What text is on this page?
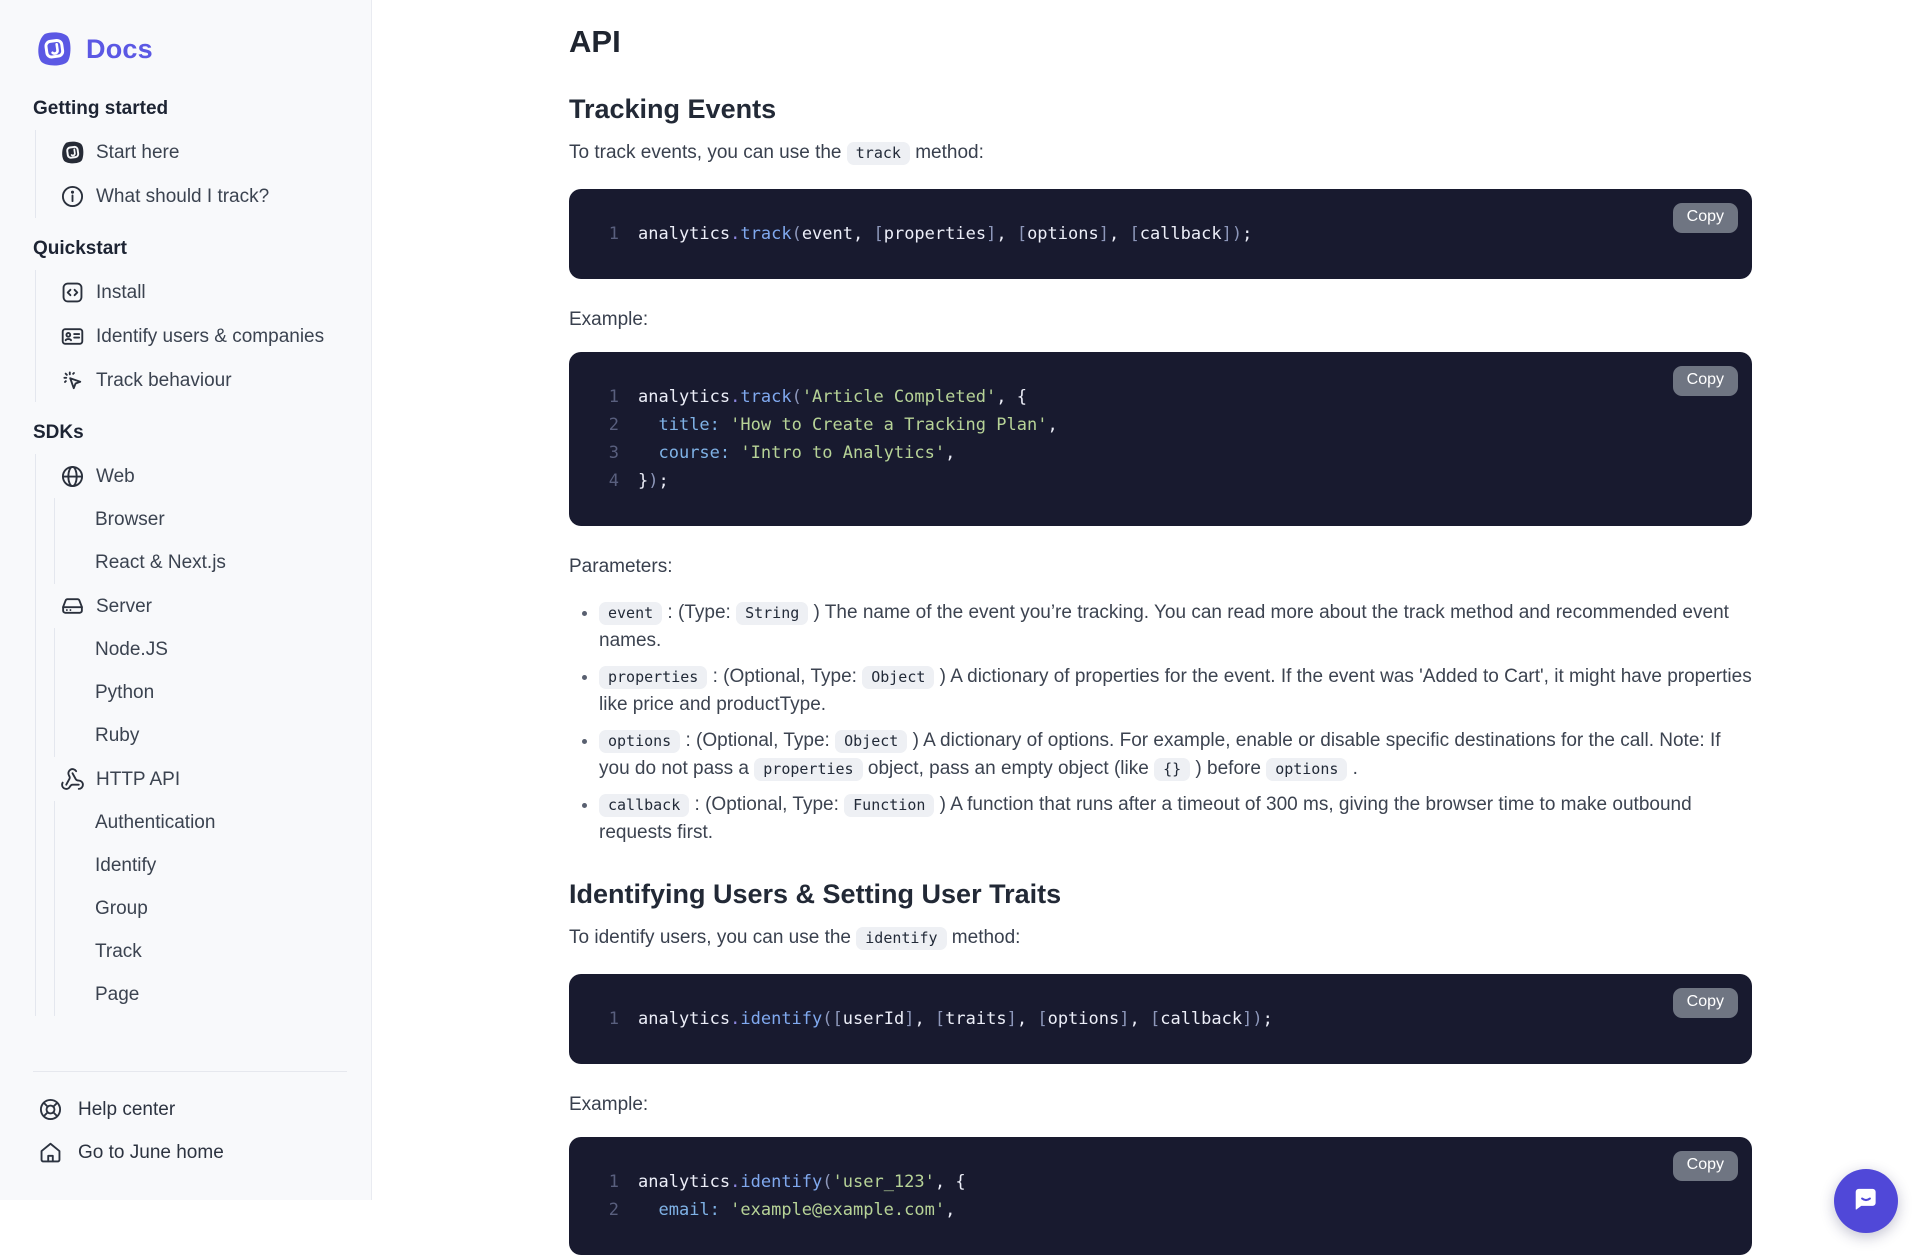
Docs
Getting started
Start here
What should I track?
Quickstart
Install
Identify users & companies
Track behaviour
SDKs
Web
Browser
React & Next.js
Server
Node.JS
Python
Ruby
HTTP API
Authentication
Identify
Group
Track
Page
Help center
Go to June home
API
Tracking Events

To track events, you can use the track method:

Copy
1 analytics.track(event, [properties], [options], [callback]);

Example:

Copy
1 analytics.track('Article Completed', {
2 title: 'How to Create a Tracking Plan',
3 course: 'Intro to Analytics',
4 });

Parameters:

• event : (Type: String ) The name of the event you’re tracking. You can read more about the track method and recommended event names.
• properties : (Optional, Type: Object ) A dictionary of properties for the event. If the event was 'Added to Cart', it might have properties like price and productType.
• options : (Optional, Type: Object ) A dictionary of options. For example, enable or disable specific destinations for the call. Note: If you do not pass a properties object, pass an empty object (like {} ) before options .
• callback : (Optional, Type: Function ) A function that runs after a timeout of 300 ms, giving the browser time to make outbound requests first.
Identifying Users & Setting User Traits

To identify users, you can use the identify method:

Copy
1 analytics.identify([userId], [traits], [options], [callback]);

Example:

Copy
1 analytics.identify('user_123', {
2 email: 'example@example.com',
